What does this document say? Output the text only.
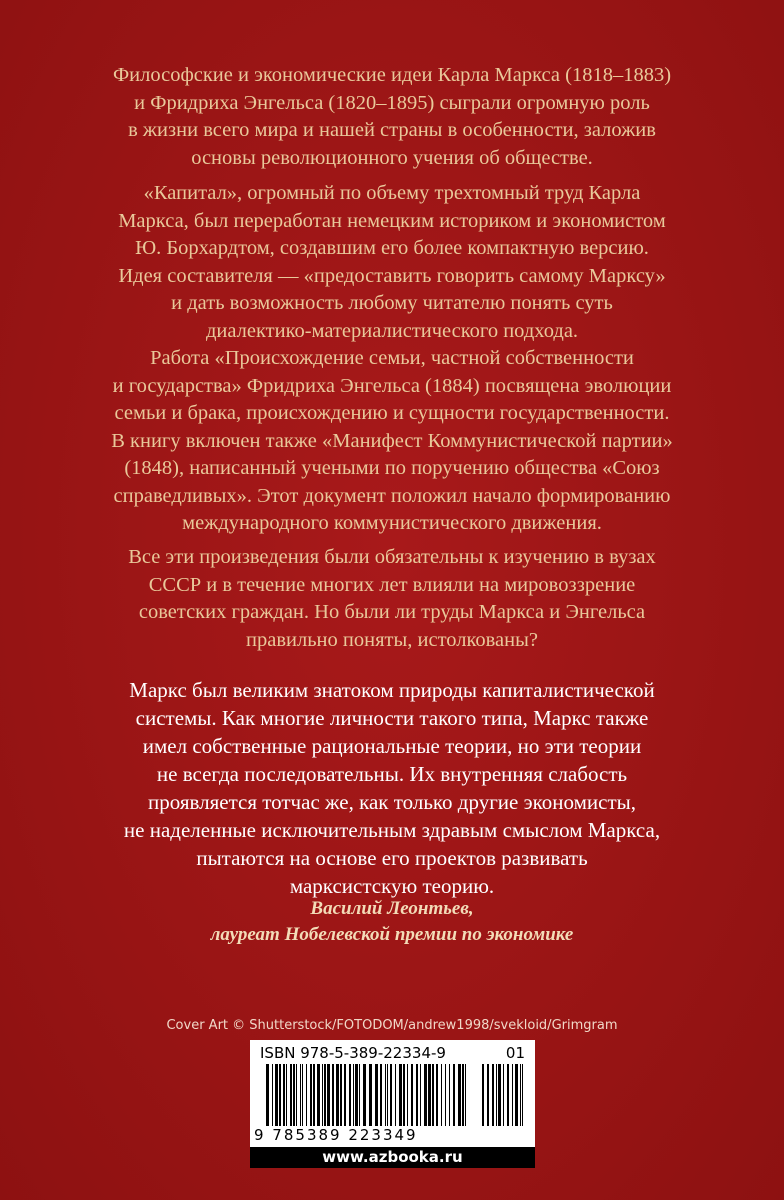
Философские и экономические идеи Карла Маркса (1818–1883)
и Фридриха Энгельса (1820–1895) сыграли огромную роль
в жизни всего мира и нашей страны в особенности, заложив
основы революционного учения об обществе.

«Капитал», огромный по объему трехтомный труд Карла
Маркса, был переработан немецким историком и экономистом
Ю. Борхардтом, создавшим его более компактную версию.
Идея составителя — «предоставить говорить самому Марксу»
и дать возможность любому читателю понять суть
диалектико-материалистического подхода.
Работа «Происхождение семьи, частной собственности
и государства» Фридриха Энгельса (1884) посвящена эволюции
семьи и брака, происхождению и сущности государственности.
В книгу включен также «Манифест Коммунистической партии»
(1848), написанный учеными по поручению общества «Союз
справедливых». Этот документ положил начало формированию
международного коммунистического движения.

Все эти произведения были обязательны к изучению в вузах
СССР и в течение многих лет влияли на мировоззрение
советских граждан. Но были ли труды Маркса и Энгельса
правильно поняты, истолкованы?

Маркс был великим знатоком природы капиталистической
системы. Как многие личности такого типа, Маркс также
имел собственные рациональные теории, но эти теории
не всегда последовательны. Их внутренняя слабость
проявляется тотчас же, как только другие экономисты,
не наделенные исключительным здравым смыслом Маркса,
пытаются на основе его проектов развивать
марксистскую теорию.

Василий Леонтьев,
лауреат Нобелевской премии по экономике
Cover Art © Shutterstock/FOTODOM/andrew1998/svekloid/Grimgram
ISBN 978-5-389-22334-9	01
9 785389 223349
www.azbooka.ru
